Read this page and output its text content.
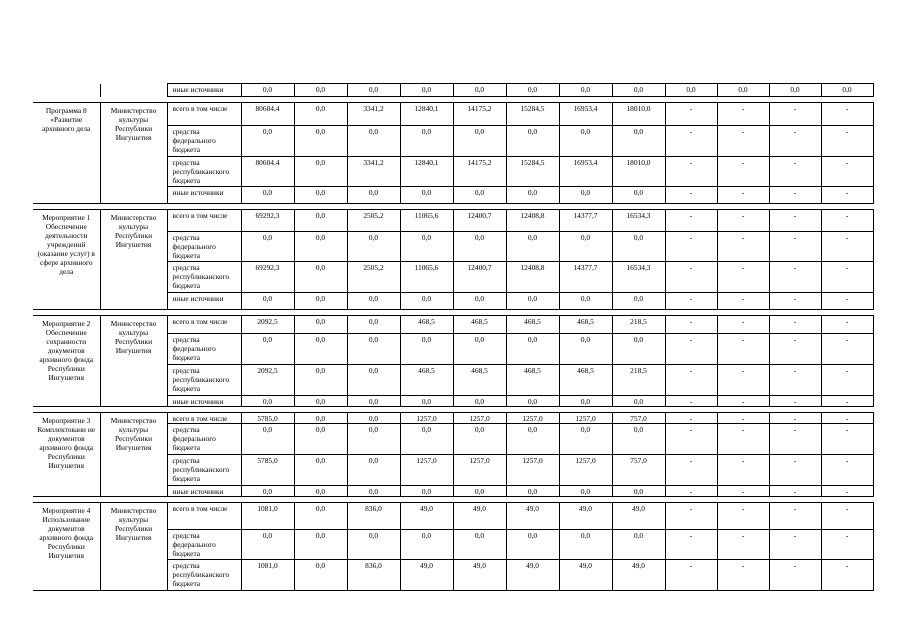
		иные источники	0,0	0,0	0,0	0,0	0,0	0,0	0,0	0,0	0,0	0,0	0,0	0,0

Программа 8 «Развитие архивного дела	Министерство культуры Республики Ингушетия	всего в том числе	80604,4	0,0	3341,2	12840,1	14175,2	15284,5	16953,4	18010,0	-	-	-	-
		средства федерального бюджета	0,0	0,0	0,0	0,0	0,0	0,0	0,0	0,0	-	-	-	-
		средства республиканского бюджета	80604,4	0,0	3341,2	12840,1	14175,2	15284,5	16953,4	18010,0	-	-	-	-
		иные источники	0,0	0,0	0,0	0,0	0,0	0,0	0,0	0,0	-	-	-	-

Мероприятие 1 Обеспечение деятельности учреждений (оказание услуг) в сфере архивного дела	Министерство культуры Республики Ингушетия	всего в том числе	69292,3	0,0	2505,2	11065,6	12400,7	12408,8	14377,7	16534,3	-	-	-	-
		средства федерального бюджета	0,0	0,0	0,0	0,0	0,0	0,0	0,0	0,0	-	-	-	-
		средства республиканского бюджета	69292,3	0,0	2505,2	11065,6	12400,7	12408,8	14377,7	16534,3	-	-	-	-
		иные источники	0,0	0,0	0,0	0,0	0,0	0,0	0,0	0,0	-	-	-	-

Мероприятие 2 Обеспечение сохранности документов архивного фонда Республики Ингушетия	Министерство культуры Республики Ингушетия	всего в том числе	2092,5	0,0	0,0	468,5	468,5	468,5	468,5	218,5	-	-	-	-
		средства федерального бюджета	0,0	0,0	0,0	0,0	0,0	0,0	0,0	0,0	-	-	-	-
		средства республиканского бюджета	2092,5	0,0	0,0	468,5	468,5	468,5	468,5	218,5	-	-	-	-
		иные источники	0,0	0,0	0,0	0,0	0,0	0,0	0,0	0,0	-	-	-	-

Мероприятие 3 Комплектовани не документов архивного фонда Республики Ингушетия	Министерство культуры Республики Ингушетия	всего в том числе	5785,0	0,0	0,0	1257,0	1257,0	1257,0	1257,0	757,0	-	-	-	-
		средства федерального бюджета	0,0	0,0	0,0	0,0	0,0	0,0	0,0	0,0	-	-	-	-
		средства республиканского бюджета	5785,0	0,0	0,0	1257,0	1257,0	1257,0	1257,0	757,0	-	-	-	-
		иные источники	0,0	0,0	0,0	0,0	0,0	0,0	0,0	0,0	-	-	-	-

Мероприятие 4 Использование документов архивного фонда Республики Ингушетия	Министерство культуры Республики Ингушетия	всего в том числе	1081,0	0,0	836,0	49,0	49,0	49,0	49,0	49,0	-	-	-	-
		средства федерального бюджета	0,0	0,0	0,0	0,0	0,0	0,0	0,0	0,0	-	-	-	-
		средства республиканского бюджета	1081,0	0,0	836,0	49,0	49,0	49,0	49,0	49,0	-	-	-	-
